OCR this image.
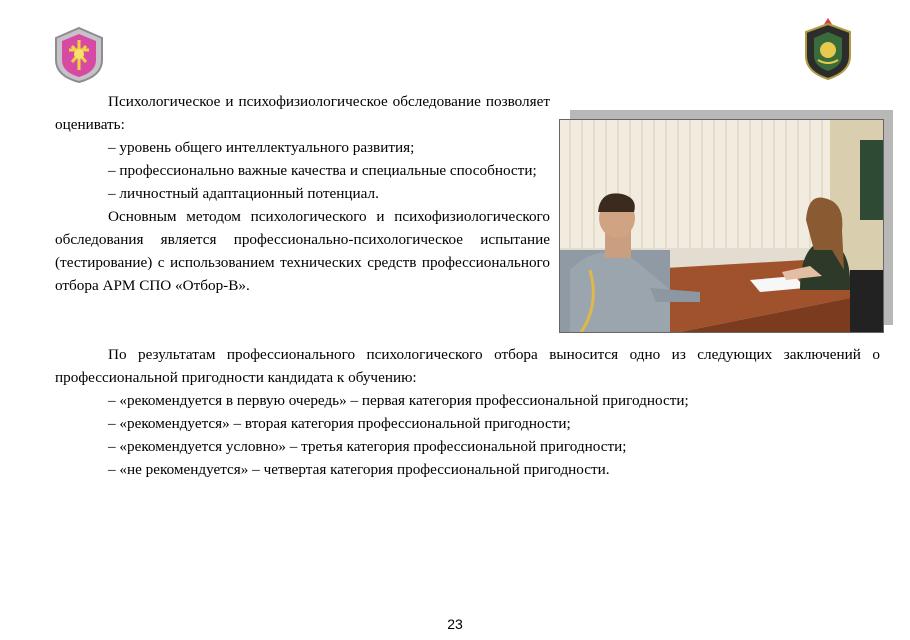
Психологическое и психофизиологическое обследование позволяет оценивать:

– уровень общего интеллектуального развития;

– профессионально важные качества и специальные способности;

– личностный адаптационный потенциал.

Основным методом психологического и психофизиологического обследования является профессионально-психологическое испытание (тестирование) с использованием технических средств профессионального отбора АРМ СПО «Отбор-В».

По результатам профессионального психологического отбора выносится одно из следующих заключений о профессиональной пригодности кандидата к обучению:

– «рекомендуется в первую очередь» – первая категория профессиональной пригодности;

– «рекомендуется» – вторая категория профессиональной пригодности;

– «рекомендуется условно» – третья категория профессиональной пригодности;

– «не рекомендуется» – четвертая категория профессиональной пригодности.

23
